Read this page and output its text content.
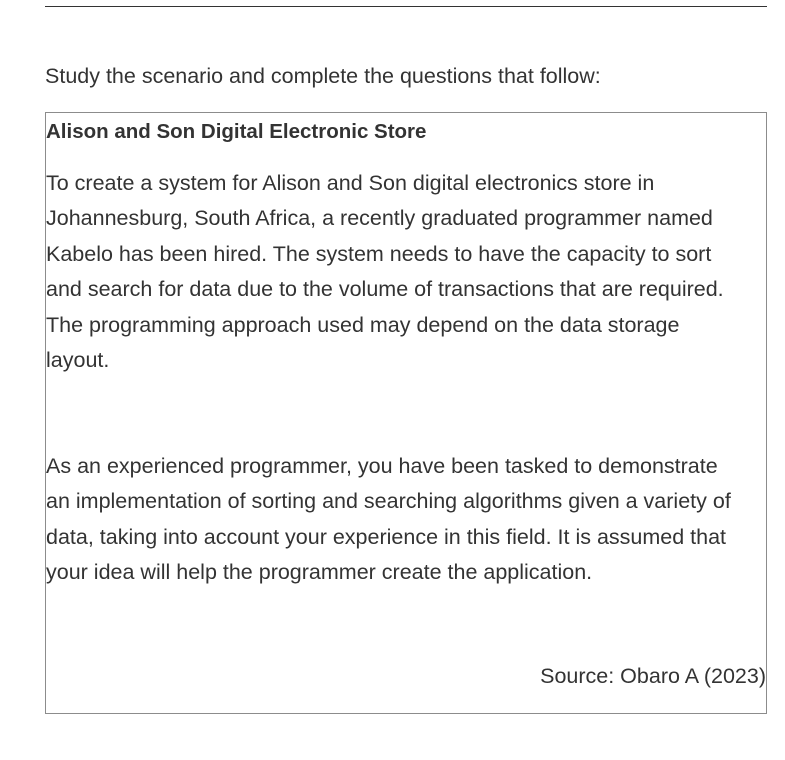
Study the scenario and complete the questions that follow:

Alison and Son Digital Electronic Store

To create a system for Alison and Son digital electronics store in
Johannesburg, South Africa, a recently graduated programmer named
Kabelo has been hired. The system needs to have the capacity to sort
and search for data due to the volume of transactions that are required.
The programming approach used may depend on the data storage
layout.

As an experienced programmer, you have been tasked to demonstrate
an implementation of sorting and searching algorithms given a variety of
data, taking into account your experience in this field. It is assumed that
your idea will help the programmer create the application.

Source: Obaro A (2023)
